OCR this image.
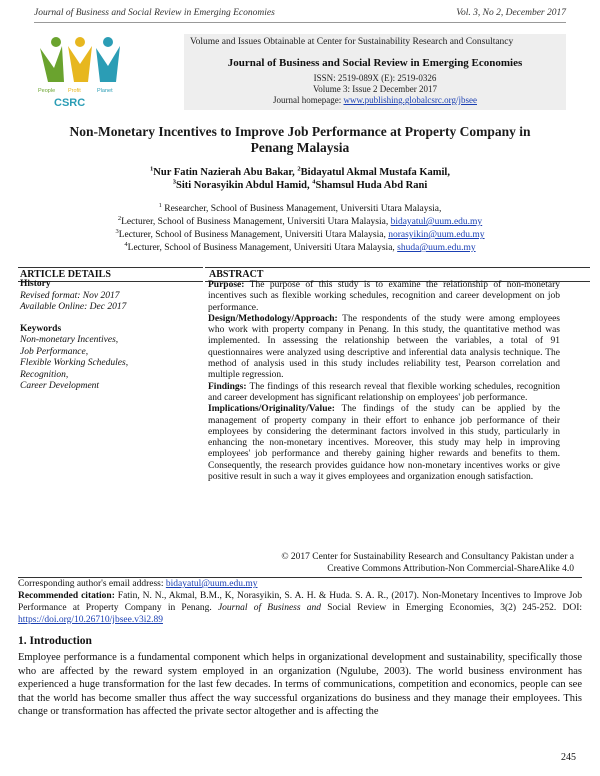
Journal of Business and Social Review in Emerging Economies	Vol. 3, No 2, December 2017
People Profit	Planet
CSRC
Volume and Issues Obtainable at Center for Sustainability Research and Consultancy
Journal of Business and Social Review in Emerging Economies
ISSN: 2519-089X (E): 2519-0326
Volume 3: Issue 2 December 2017
Journal homepage: www.publishing.globalcsrc.org/jbsee
Non-Monetary Incentives to Improve Job Performance at Property Company in Penang Malaysia
$^1$Nur Fatin Nazierah Abu Bakar, $^2$Bidayatul Akmal Mustafa Kamil,
$^3$Siti Norasyikin Abdul Hamid, $^4$Shamsul Huda Abd Rani
$^1$ Researcher, School of Business Management, Universiti Utara Malaysia,
$^2$Lecturer, School of Business Management, Universiti Utara Malaysia, bidayatul@uum.edu.my
$^3$Lecturer, School of Business Management, Universiti Utara Malaysia, norasyikin@uum.edu.my
$^4$Lecturer, School of Business Management, Universiti Utara Malaysia, shuda@uum.edu.my
ARTICLE DETAILS
History
Revised format: Nov 2017
Available Online: Dec 2017
Keywords
Non-monetary Incentives,
Job Performance,
Flexible Working Schedules,
Recognition,
Career Development
ABSTRACT

Purpose: The purpose of this study is to examine the relationship of non-monetary incentives such as flexible working schedules, recognition and career development on job performance.

Design/Methodology/Approach: The respondents of the study were among employees who work with property company in Penang. In this study, the quantitative method was implemented. In assessing the relationship between the variables, a total of 91 questionnaires were analyzed using descriptive and inferential data analysis technique. The method of analysis used in this study includes reliability test, Pearson correlation and multiple regression.

Findings: The findings of this research reveal that flexible working schedules, recognition and career development has significant relationship on employees' job performance.

Implications/Originality/Value: The findings of the study can be applied by the management of property company in their effort to enhance job performance of their employees by considering the determinant factors involved in this study, particularly in enhancing the non-monetary incentives. Moreover, this study may help in improving employees' job performance and thereby gaining higher rewards and benefits to them. Consequently, the research provides guidance how non-monetary incentives works or give positive result in such a way it gives employees and organization enough satisfaction.

© 2017 Center for Sustainability Research and Consultancy Pakistan under a
Creative Commons Attribution-Non Commercial-ShareAlike 4.0
Corresponding author's email address: bidayatul@uum.edu.my
Recommended citation: Fatin, N. N., Akmal, B.M., K, Norasyikin, S. A. H. & Huda. S. A. R., (2017). Non-Monetary Incentives to Improve Job Performance at Property Company in Penang. Journal of Business and Social Review in Emerging Economies, 3(2) 245-252. DOI: https://doi.org/10.26710/jbsee.v3i2.89
1. Introduction
Employee performance is a fundamental component which helps in organizational development and sustainability, specifically those who are affected by the reward system employed in an organization (Ngulube, 2003). The world business environment has experienced a huge transformation for the last few decades. In terms of communications, competition and economics, people can see that the world has become smaller thus affect the way successful organizations do business and they manage their employees. This change or transformation has affected the private sector altogether and is affecting the
245
